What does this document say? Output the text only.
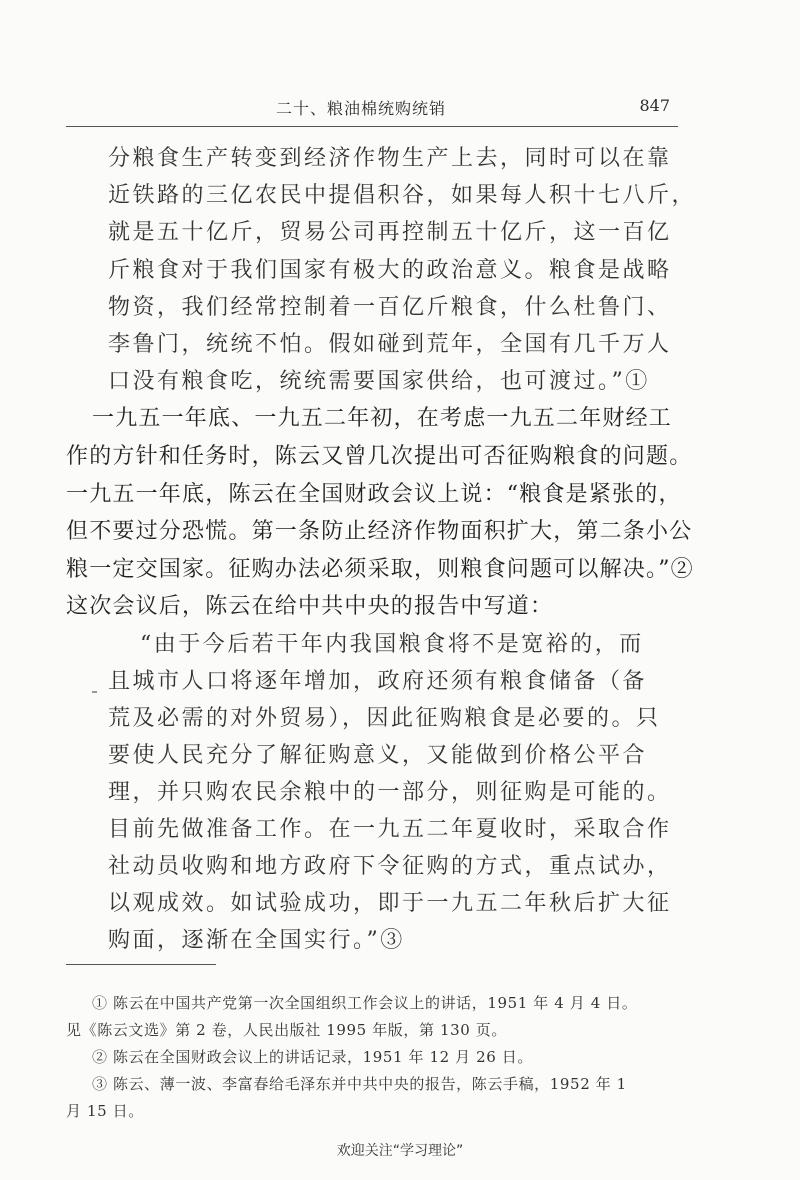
二十、粮油棉统购统销	847
分粮食生产转变到经济作物生产上去，同时可以在靠
近铁路的三亿农民中提倡积谷，如果每人积十七八斤，
就是五十亿斤，贸易公司再控制五十亿斤，这一百亿
斤粮食对于我们国家有极大的政治意义。粮食是战略
物资，我们经常控制着一百亿斤粮食，什么杜鲁门、
李鲁门，统统不怕。假如碰到荒年，全国有几千万人
口没有粮食吃，统统需要国家供给，也可渡过。”①
一九五一年底、一九五二年初，在考虑一九五二年财经工
作的方针和任务时，陈云又曾几次提出可否征购粮食的问题。
一九五一年底，陈云在全国财政会议上说：“粮食是紧张的，
但不要过分恐慌。第一条防止经济作物面积扩大，第二条小公
粮一定交国家。征购办法必须采取，则粮食问题可以解决。”②
这次会议后，陈云在给中共中央的报告中写道：
“由于今后若干年内我国粮食将不是宽裕的，而
且城市人口将逐年增加，政府还须有粮食储备（备
荒及必需的对外贸易），因此征购粮食是必要的。只
要使人民充分了解征购意义，又能做到价格公平合
理，并只购农民余粮中的一部分，则征购是可能的。
目前先做准备工作。在一九五二年夏收时，采取合作
社动员收购和地方政府下令征购的方式，重点试办，
以观成效。如试验成功，即于一九五二年秋后扩大征
购面，逐渐在全国实行。”③
① 陈云在中国共产党第一次全国组织工作会议上的讲话，1951 年 4 月 4 日。
见《陈云文选》第 2 卷，人民出版社 1995 年版，第 130 页。
② 陈云在全国财政会议上的讲话记录，1951 年 12 月 26 日。
③ 陈云、薄一波、李富春给毛泽东并中共中央的报告，陈云手稿，1952 年 1
月 15 日。
欢迎关注“学习理论”
